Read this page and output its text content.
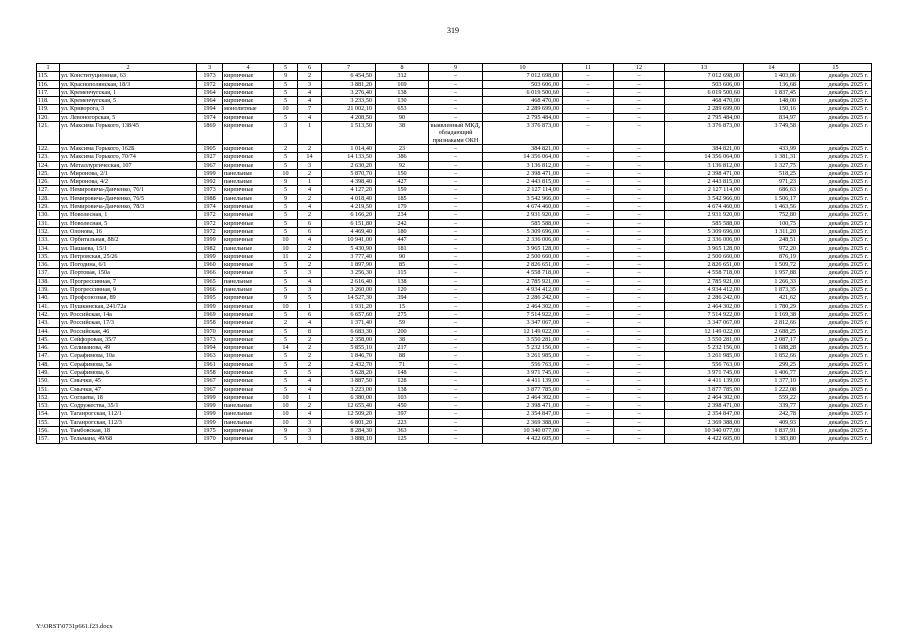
319
1	2	3	4	5	6	7	8	9	10	11	12	13	14	15
115.	ул. Конституционная, 63	1973	кирпичные	9	2	6 454,50	312	–	7 012 698,00	–	–	7 012 698,00	1 403,06	декабрь 2025 г.
116.	ул. Краснополянская, 18/3	1972	кирпичные	5	3	3 881,20	169	–	503 606,00	–	–	503 606,00	136,68	декабрь 2025 г.
117.	ул. Кременчугская, 1	1964	кирпичные	5	4	3 276,40	138	–	6 019 500,60	–	–	6 019 500,60	1 837,45	декабрь 2025 г.
118.	ул. Кременчугская, 5	1964	кирпичные	5	4	3 233,50	130	–	468 470,00	–	–	468 470,00	148,00	декабрь 2025 г.
119.	ул. Криворога, 3	1994	монолитные	10	7	21 002,10	653	–	2 289 699,00	–	–	2 289 699,00	150,16	декабрь 2025 г.
120.	ул. Левоногорская, 5	1974	кирпичные	5	4	4 208,50	90	–	2 795 484,00	–	–	2 795 484,00	834,97	декабрь 2025 г.
121.	ул. Максима Горького, 138/45	1869	кирпичные	3	1	1 513,50	38	выявленный МКД, обладающий признаками ОКН	3 376 873,00	–	–	3 376 873,00	3 749,58	декабрь 2025 г.
122.	ул. Максима Горького, 162Б	1905	кирпичные	2	2	1 014,40	23	–	384 821,00	–	–	384 821,00	433,99	декабрь 2025 г.
123.	ул. Максима Горького, 70/74	1927	кирпичные	5	14	14 133,50	386	–	14 356 064,00	–	–	14 356 064,00	1 381,31	декабрь 2025 г.
124.	ул. Металлургическая, 107	1967	кирпичные	5	3	2 630,20	92	–	3 136 812,00	–	–	3 136 812,00	1 327,75	декабрь 2025 г.
125.	ул. Миронова, 2/1	1999	панельные	10	2	5 870,70	150	–	2 398 471,00	–	–	2 398 471,00	518,25	декабрь 2025 г.
126.	ул. Миронова, 4/2	1992	панельные	9	1	4 398,40	427	–	2 443 815,00	–	–	2 443 815,00	971,23	декабрь 2025 г.
127.	ул. Немировича-Данченко, 76/1	1973	кирпичные	5	4	4 127,20	159	–	2 127 114,00	–	–	2 127 114,00	686,63	декабрь 2025 г.
128.	ул. Немировича-Данченко, 76/5	1988	панельные	9	2	4 018,40	185	–	3 542 966,00	–	–	3 542 966,00	1 506,17	декабрь 2025 г.
129.	ул. Немировича-Данченко, 78/3	1974	кирпичные	5	4	4 219,50	179	–	4 674 460,00	–	–	4 674 460,00	1 463,56	декабрь 2025 г.
130.	ул. Новолесная, 1	1972	кирпичные	5	2	6 166,20	234	–	2 931 920,00	–	–	2 931 920,00	752,80	декабрь 2025 г.
131.	ул. Новолесная, 5	1972	кирпичные	5	6	6 151,80	242	–	585 588,00	–	–	585 588,00	100,75	декабрь 2025 г.
132.	ул. Олонова, 16	1972	кирпичные	5	6	4 469,40	180	–	5 309 696,00	–	–	5 309 696,00	1 311,20	декабрь 2025 г.
133.	ул. Орбитальная, 88/2	1999	кирпичные	10	4	10 941,00	447	–	2 336 006,00	–	–	2 336 006,00	248,51	декабрь 2025 г.
134.	ул. Пашаева, 15/1	1982	панельные	10	2	5 430,90	181	–	3 965 128,00	–	–	3 965 128,00	972,20	декабрь 2025 г.
135.	ул. Петровская, 25/26	1999	кирпичные	11	2	3 777,40	90	–	2 500 660,00	–	–	2 500 660,00	876,19	декабрь 2025 г.
136.	ул. Погодина, 6/1	1960	кирпичные	5	2	1 897,90	85	–	2 826 651,00	–	–	2 826 651,00	1 509,72	декабрь 2025 г.
137.	ул. Портовая, 150а	1966	кирпичные	5	3	3 256,30	115	–	4 558 718,00	–	–	4 558 718,00	1 957,88	декабрь 2025 г.
138.	ул. Прогрессивная, 7	1965	панельные	5	4	2 616,40	138	–	2 785 921,00	–	–	2 785 921,00	1 266,33	декабрь 2025 г.
139.	ул. Прогрессивная, 9	1966	панельные	5	3	3 260,00	120	–	4 934 412,00	–	–	4 934 412,00	1 873,35	декабрь 2025 г.
140.	ул. Профсоюзная, 89	1995	кирпичные	9	5	14 527,30	394	–	2 286 242,00	–	–	2 286 242,00	421,62	декабрь 2025 г.
141.	ул. Пушкинская, 241/72а	1999	кирпичные	10	1	1 931,20	15	–	2 464 302,00	–	–	2 464 302,00	1 780,29	декабрь 2025 г.
142.	ул. Российская, 14а	1969	кирпичные	5	6	6 657,60	275	–	7 514 922,00	–	–	7 514 922,00	1 169,38	декабрь 2025 г.
143.	ул. Российская, 17/3	1958	кирпичные	2	4	1 371,40	59	–	3 347 067,00	–	–	3 347 067,00	2 812,66	декабрь 2025 г.
144.	ул. Российская, 46	1970	кирпичные	5	8	6 683,30	200	–	12 149 022,00	–	–	12 149 022,00	2 688,25	декабрь 2025 г.
145.	ул. Сейфоровая, 35/7	1973	кирпичные	5	2	2 358,00	38	–	3 550 281,00	–	–	3 550 281,00	2 087,17	декабрь 2025 г.
146.	ул. Селиванова, 49	1994	кирпичные	14	2	5 855,10	217	–	5 232 156,00	–	–	5 232 156,00	1 688,28	декабрь 2025 г.
147.	ул. Серафимова, 10а	1963	кирпичные	5	2	1 846,70	88	–	3 261 985,00	–	–	3 261 985,00	1 852,66	декабрь 2025 г.
148.	ул. Серафимова, 5а	1961	кирпичные	5	2	2 432,70	71	–	556 763,00	–	–	556 763,00	299,25	декабрь 2025 г.
149.	ул. Серафимова, 6	1958	кирпичные	5	5	5 628,20	148	–	3 971 745,00	–	–	3 971 745,00	1 406,77	декабрь 2025 г.
150.	ул. Смычки, 45	1967	кирпичные	5	4	3 887,50	128	–	4 411 139,00	–	–	4 411 139,00	1 377,10	декабрь 2025 г.
151.	ул. Смычки, 47	1967	кирпичные	5	4	3 223,00	138	–	3 877 785,00	–	–	3 877 785,00	1 222,08	декабрь 2025 г.
152.	ул. Соглаева, 18	1999	кирпичные	10	1	6 380,00	103	–	2 464 302,00	–	–	2 464 302,00	559,22	декабрь 2025 г.
153.	ул. Содружества, 35/1	1999	панельные	10	2	12 655,40	450	–	2 398 471,00	–	–	2 398 471,00	339,77	декабрь 2025 г.
154.	ул. Таганрогская, 112/1	1999	панельные	10	4	12 509,20	397	–	2 354 847,00	–	–	2 354 847,00	242,78	декабрь 2025 г.
155.	ул. Таганрогская, 112/3	1999	панельные	10	3	6 801,20	223	–	2 369 388,00	–	–	2 369 388,00	409,93	декабрь 2025 г.
156.	ул. Тамбовская, 18	1975	кирпичные	9	3	8 284,30	363	–	10 340 077,00	–	–	10 340 077,00	1 837,91	декабрь 2025 г.
157.	ул. Тельмана, 49/68	1970	кирпичные	5	3	3 888,10	125	–	4 422 605,00	–	–	4 422 605,00	1 383,80	декабрь 2025 г.
Y:\ORST\0731p661.f23.docx
